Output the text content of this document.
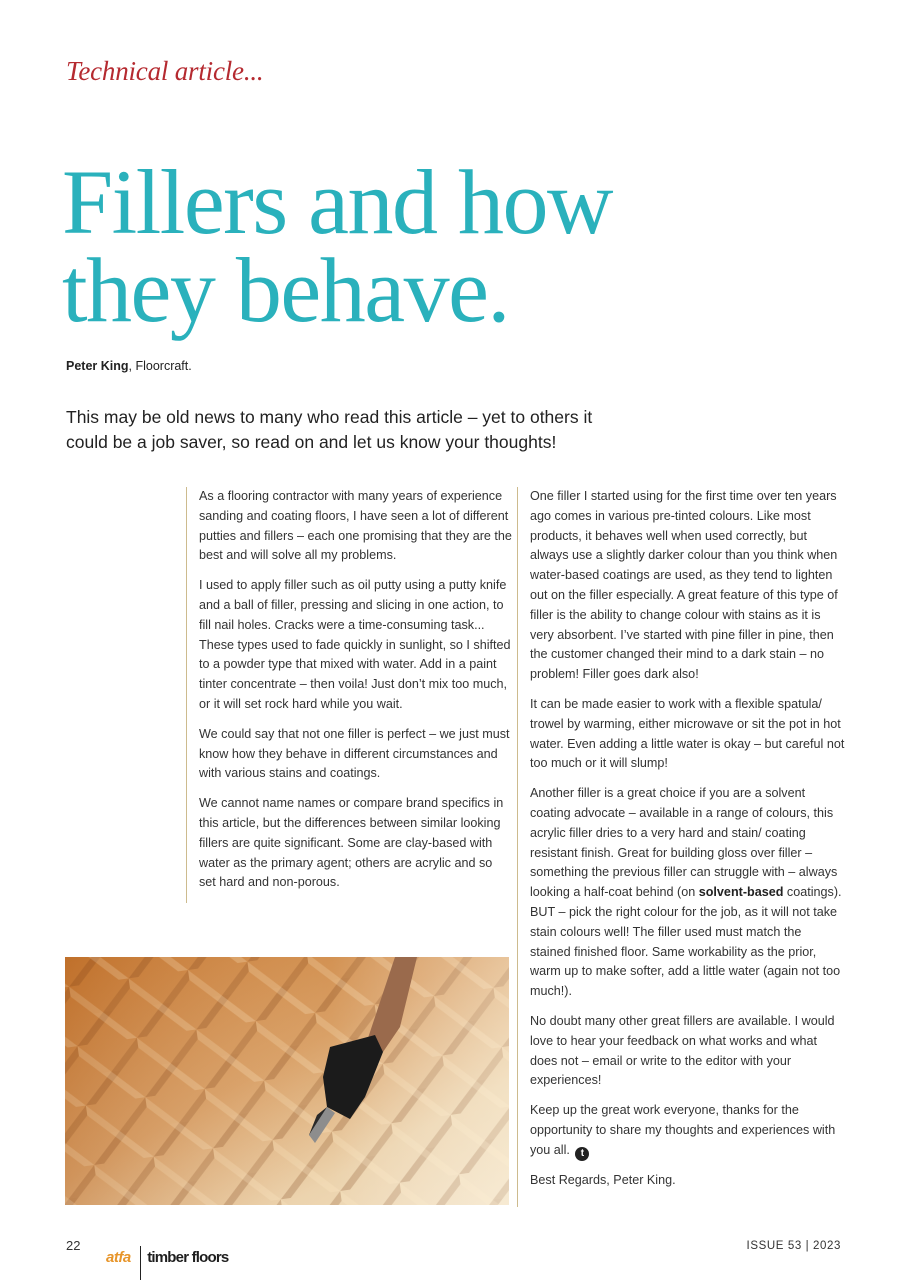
Technical article...
Fillers and how
they behave.
Peter King, Floorcraft.

This may be old news to many who read this article – yet to others it could be a job saver, so read on and let us know your thoughts!

As a flooring contractor with many years of experience sanding and coating floors, I have seen a lot of different putties and fillers – each one promising that they are the best and will solve all my problems.

I used to apply filler such as oil putty using a putty knife and a ball of filler, pressing and slicing in one action, to fill nail holes. Cracks were a time-consuming task... These types used to fade quickly in sunlight, so I shifted to a powder type that mixed with water. Add in a paint tinter concentrate – then voila! Just don’t mix too much, or it will set rock hard while you wait.

We could say that not one filler is perfect – we just must know how they behave in different circumstances and with various stains and coatings.

We cannot name names or compare brand specifics in this article, but the differences between similar looking fillers are quite significant. Some are clay-based with water as the primary agent; others are acrylic and so set hard and non-porous.

One filler I started using for the first time over ten years ago comes in various pre-tinted colours. Like most products, it behaves well when used correctly, but always use a slightly darker colour than you think when water-based coatings are used, as they tend to lighten out on the filler especially. A great feature of this type of filler is the ability to change colour with stains as it is very absorbent. I’ve started with pine filler in pine, then the customer changed their mind to a dark stain – no problem! Filler goes dark also!

It can be made easier to work with a flexible spatula/ trowel by warming, either microwave or sit the pot in hot water. Even adding a little water is okay – but careful not too much or it will slump!

Another filler is a great choice if you are a solvent coating advocate – available in a range of colours, this acrylic filler dries to a very hard and stain/ coating resistant finish. Great for building gloss over filler – something the previous filler can struggle with – always looking a half-coat behind (on solvent-based coatings). BUT – pick the right colour for the job, as it will not take stain colours well! The filler used must match the stained finished floor. Same workability as the prior, warm up to make softer, add a little water (again not too much!).

No doubt many other great fillers are available. I would love to hear your feedback on what works and what does not – email or write to the editor with your experiences!

Keep up the great work everyone, thanks for the opportunity to share my thoughts and experiences with you all. t

Best Regards, Peter King.

22
atfa timber floors
ISSUE 53 | 2023
